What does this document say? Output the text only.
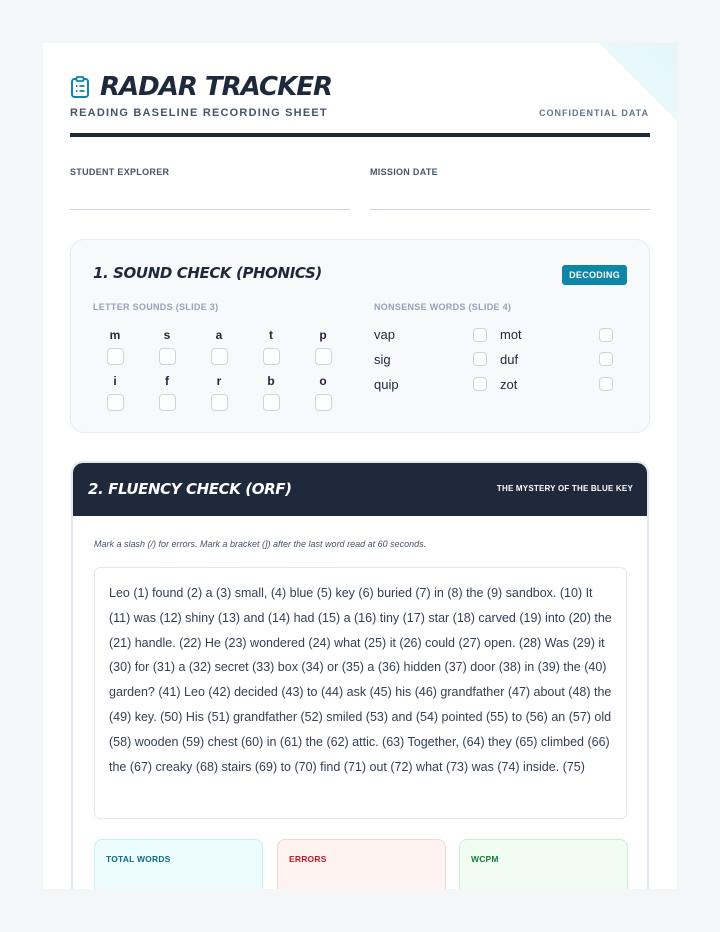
RADAR TRACKER
READING BASELINE RECORDING SHEET	CONFIDENTIAL DATA
STUDENT EXPLORER	MISSION DATE
1. SOUND CHECK (PHONICS)	DECODING
LETTER SOUNDS (SLIDE 3)	NONSENSE WORDS (SLIDE 4)
m	s	a	t	p
i	f	r	b	o
vap	mot
sig	duf
quip	zot
2. FLUENCY CHECK (ORF)	THE MYSTERY OF THE BLUE KEY
Mark a slash (/) for errors. Mark a bracket (]) after the last word read at 60 seconds.
Leo (1) found (2) a (3) small, (4) blue (5) key (6) buried (7) in (8) the (9) sandbox. (10) It (11) was (12) shiny (13) and (14) had (15) a (16) tiny (17) star (18) carved (19) into (20) the (21) handle. (22) He (23) wondered (24) what (25) it (26) could (27) open. (28) Was (29) it (30) for (31) a (32) secret (33) box (34) or (35) a (36) hidden (37) door (38) in (39) the (40) garden? (41) Leo (42) decided (43) to (44) ask (45) his (46) grandfather (47) about (48) the (49) key. (50) His (51) grandfather (52) smiled (53) and (54) pointed (55) to (56) an (57) old (58) wooden (59) chest (60) in (61) the (62) attic. (63) Together, (64) they (65) climbed (66) the (67) creaky (68) stairs (69) to (70) find (71) out (72) what (73) was (74) inside. (75)
TOTAL WORDS	ERRORS	WCPM
